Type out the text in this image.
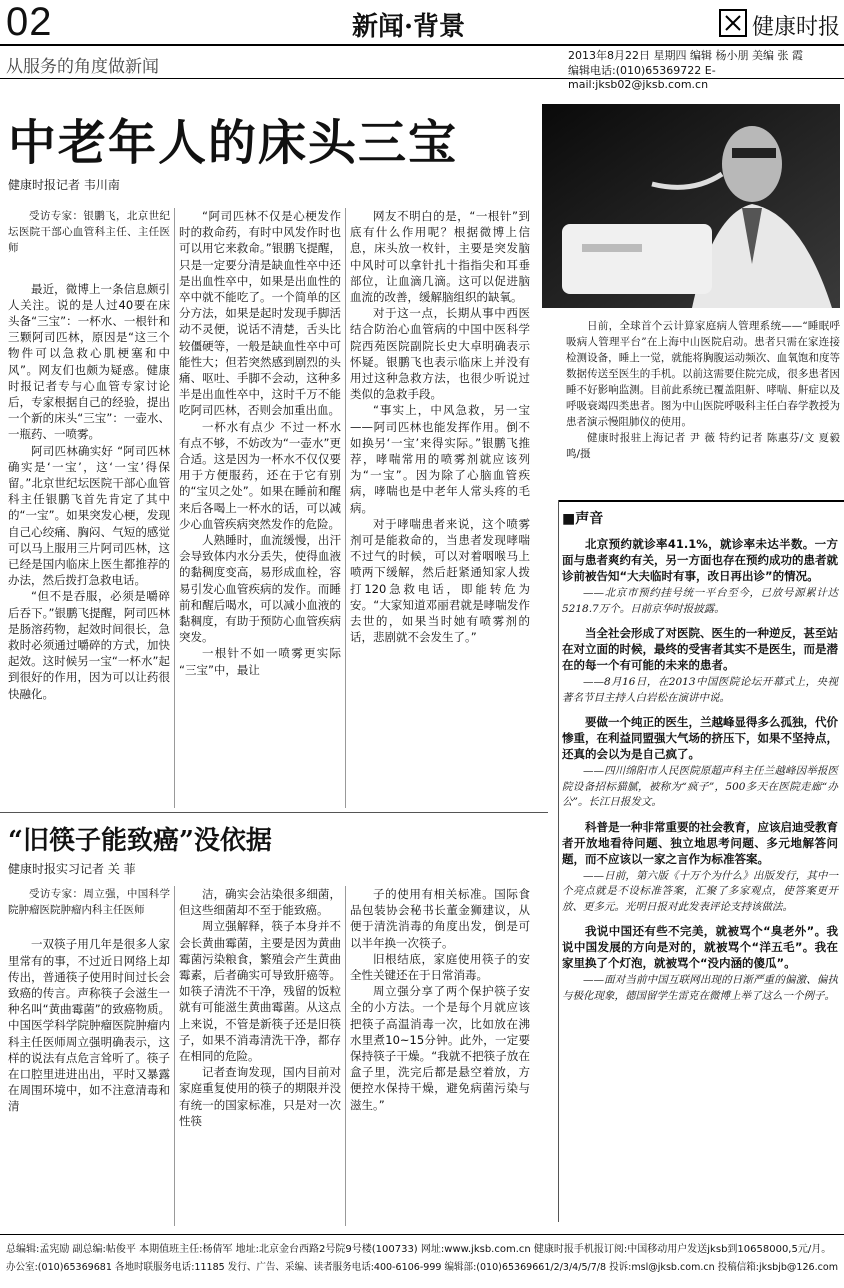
02	新闻·背景	健康时报
从服务的角度做新闻
2013年8月22日 星期四 编辑 杨小朋 美编 张 霞
编辑电话:(010)65369722 E-mail:jksb02@jksb.com.cn
中老年人的床头三宝
健康时报记者 韦川南

受访专家：银鹏飞，北京世纪坛医院干部心血管科主任、主任医师

最近，微博上一条信息颇引人关注。说的是人过40要在床头备“三宝”：一杯水、一根针和三颗阿司匹林，原因是“这三个物件可以急救心肌梗塞和中风”。网友们也颇为疑惑。健康时报记者专与心血管专家讨论后，专家根据自己的经验，提出一个新的床头“三宝”：一壶水、一瓶药、一喷雾。

阿司匹林确实好 “阿司匹林确实是‘一宝’，这‘一宝’得保留。”北京世纪坛医院干部心血管科主任银鹏飞首先肯定了其中的“一宝”。如果突发心梗，发现自己心绞痛、胸闷、气短的感觉可以马上服用三片阿司匹林，这已经是国内临床上医生都推荐的办法，然后拨打急救电话。

“但不是吞服，必须是嚼碎后吞下。”银鹏飞提醒，阿司匹林是肠溶药物，起效时间很长，急救时必须通过嚼碎的方式，加快起效。这时候另一宝“一杯水”起到很好的作用，因为可以让药很快融化。

“阿司匹林不仅是心梗发作时的救命药，有时中风发作时也可以用它来救命。”银鹏飞提醒，只是一定要分清是缺血性卒中还是出血性卒中，如果是出血性的卒中就不能吃了。一个简单的区分方法，如果是起时发现手脚活动不灵便，说话不清楚，舌头比较僵硬等，一般是缺血性卒中可能性大；但若突然感到剧烈的头痛、呕吐、手脚不会动，这种多半是出血性卒中，这时千万不能吃阿司匹林，否则会加重出血。

一杯水有点少 不过一杯水有点不够，不妨改为“一壶水”更合适。这是因为一杯水不仅仅要用于方便服药，还在于它有别的“宝贝之处”。如果在睡前和醒来后各喝上一杯水的话，可以减少心血管疾病突然发作的危险。

人熟睡时，血流缓慢，出汗会导致体内水分丢失，使得血液的黏稠度变高，易形成血栓，容易引发心血管疾病的发作。而睡前和醒后喝水，可以减小血液的黏稠度，有助于预防心血管疾病突发。

一根针不如一喷雾更实际 “三宝”中，最让

网友不明白的是，“一根针”到底有什么作用呢？根据微博上信息，床头放一枚针，主要是突发脑中风时可以拿针扎十指指尖和耳垂部位，让血滴几滴。这可以促进脑血流的改善，缓解脑组织的缺氧。

对于这一点，长期从事中西医结合防治心血管病的中国中医科学院西苑医院副院长史大卓明确表示怀疑。银鹏飞也表示临床上并没有用过这种急救方法，也很少听说过类似的急救手段。

“事实上，中风急救，另一宝——阿司匹林也能发挥作用。倒不如换另‘一宝’来得实际。”银鹏飞推荐，哮喘常用的喷雾剂就应该列为“一宝”。因为除了心脑血管疾病，哮喘也是中老年人常头疼的毛病。

对于哮喘患者来说，这个喷雾剂可是能救命的，当患者发现哮喘不过气的时候，可以对着咽喉马上喷两下缓解，然后赶紧通知家人拨打120急救电话，即能转危为安。“大家知道邓丽君就是哮喘发作去世的，如果当时她有喷雾剂的话，悲剧就不会发生了。”

日前，全球首个云计算家庭病人管理系统——“睡眠呼吸病人管理平台”在上海中山医院启动。患者只需在家连接检测设备，睡上一觉，就能将胸腹运动频次、血氧饱和度等数据传送至医生的手机。以前这需要住院完成，很多患者因睡不好影响监测。目前此系统已覆盖阻鼾、哮喘、鼾症以及呼吸衰竭四类患者。图为中山医院呼吸科主任白春学教授为患者演示慢阻肺仪的使用。

健康时报驻上海记者 尹 薇 特约记者 陈惠芬/文 夏毅鸣/摄

■声音

北京预约就诊率41.1%，就诊率未达半数。一方面与患者爽约有关，另一方面也存在预约成功的患者就诊前被告知“大夫临时有事，改日再出诊”的情况。

——北京市预约挂号统一平台至今，已放号源累计达5218.7万个。日前京华时报披露。

当全社会形成了对医院、医生的一种逆反，甚至站在对立面的时候，最终的受害者其实不是医生，而是潜在的每一个有可能的未来的患者。

——8月16日，在2013中国医院论坛开幕式上，央视著名节目主持人白岩松在演讲中说。

要做一个纯正的医生，兰越峰显得多么孤独，代价惨重，在利益同盟强大气场的挤压下，如果不坚持点，还真的会以为是自己疯了。

——四川绵阳市人民医院原超声科主任兰越峰因举报医院设备招标猫腻，被称为“疯子”，500多天在医院走廊“办公”。长江日报发文。

科普是一种非常重要的社会教育，应该启迪受教育者开放地看待问题、独立地思考问题、多元地解答问题，而不应该以一家之言作为标准答案。

——日前，第六版《十万个为什么》出版发行，其中一个亮点就是不设标准答案，汇聚了多家观点，使答案更开放、更多元。光明日报对此发表评论支持该做法。

我说中国还有些不完美，就被骂个“臭老外”。我说中国发展的方向是对的，就被骂个“洋五毛”。我在家里换了个灯泡，就被骂个“没内涵的傻瓜”。

——面对当前中国互联网出现的日渐严重的偏激、偏执与极化现象，德国留学生雷克在微博上举了这么一个例子。

“旧筷子能致癌”没依据
健康时报实习记者 关 菲

受访专家：周立强，中国科学院肿瘤医院肿瘤内科主任医师

一双筷子用几年是很多人家里常有的事，不过近日网络上却传出，普通筷子使用时间过长会致癌的传言。声称筷子会滋生一种名叫“黄曲霉菌”的致癌物质。中国医学科学院肿瘤医院肿瘤内科主任医师周立强明确表示，这样的说法有点危言耸听了。筷子在口腔里进进出出，平时又暴露在周围环境中，如不注意清毒和清

洁，确实会沾染很多细菌，但这些细菌却不至于能致癌。

周立强解释，筷子本身并不会长黄曲霉菌，主要是因为黄曲霉菌污染粮食，繁殖会产生黄曲霉素，后者确实可导致肝癌等。如筷子清洗不干净，残留的饭粒就有可能滋生黄曲霉菌。从这点上来说，不管是新筷子还是旧筷子，如果不消毒清洗干净，都存在相同的危险。

记者查询发现，国内目前对家庭重复使用的筷子的期限并没有统一的国家标准，只是对一次性筷

子的使用有相关标准。国际食品包装协会秘书长董金狮建议，从便于清洗消毒的角度出发，倒是可以半年换一次筷子。

旧根结底，家庭使用筷子的安全性关键还在于日常消毒。

周立强分享了两个保护筷子安全的小方法。一个是每个月就应该把筷子高温消毒一次，比如放在沸水里煮10~15分钟。此外，一定要保持筷子干燥。“我就不把筷子放在盒子里，洗完后都是悬空着放，方便控水保持干燥，避免病菌污染与滋生。”

总编辑:孟宪励 副总编:帖俊平 本期值班主任:杨倩军 地址:北京金台西路2号院9号楼(100733) 网址:www.jksb.com.cn 健康时报手机报订阅:中国移动用户发送jksb到10658000,5元/月。
办公室:(010)65369681 各地时联服务电话:11185 发行、广告、采编、读者服务电话:400-6106-999 编辑部:(010)65369661/2/3/4/5/7/8 投诉:msl@jksb.com.cn 投稿信箱:jksbjb@126.com
